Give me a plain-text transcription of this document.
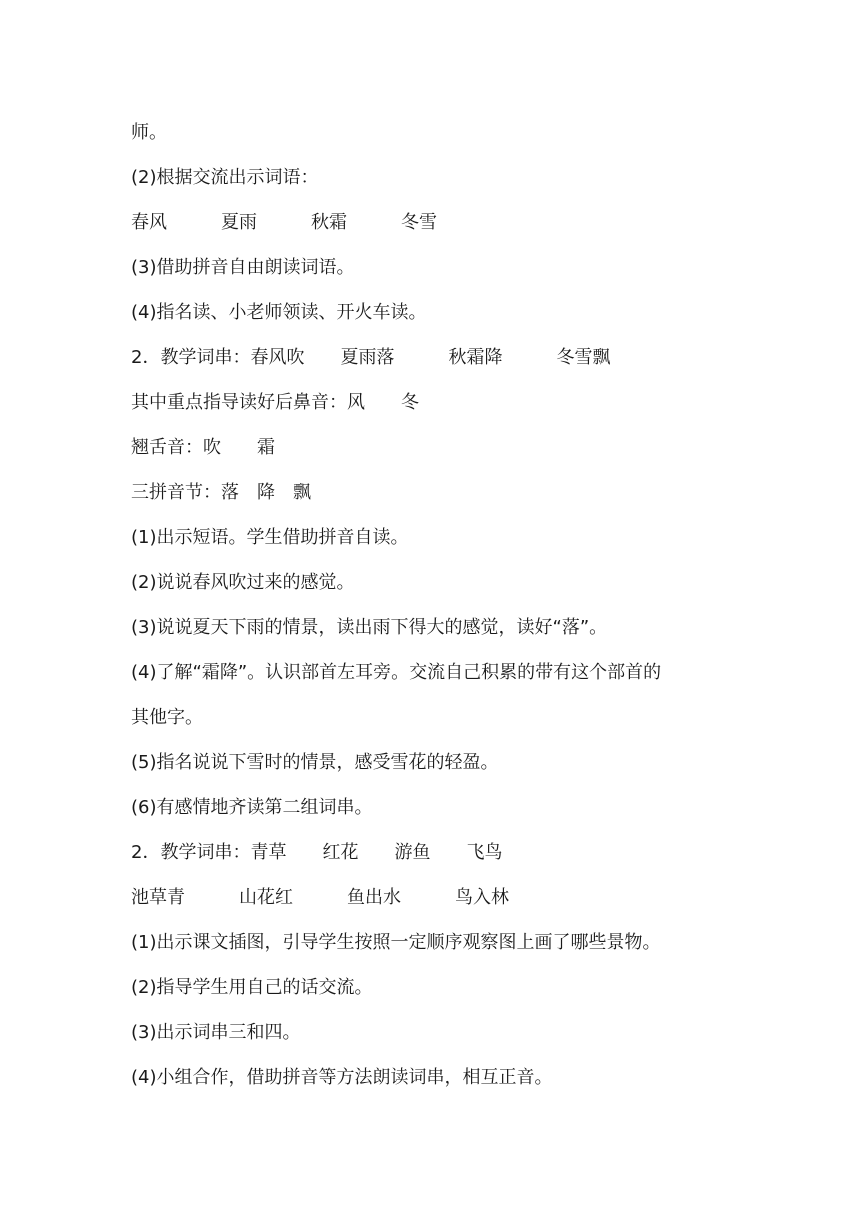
师。
(2)根据交流出示词语：
春风　　　夏雨　　　秋霜　　　冬雪
(3)借助拼音自由朗读词语。
(4)指名读、小老师领读、开火车读。
2．教学词串：春风吹　　夏雨落　　　秋霜降　　　冬雪飘
其中重点指导读好后鼻音：风　　冬
翘舌音：吹　　霜
三拼音节：落　降　飘
(1)出示短语。学生借助拼音自读。
(2)说说春风吹过来的感觉。
(3)说说夏天下雨的情景，读出雨下得大的感觉，读好“落”。
(4)了解“霜降”。认识部首左耳旁。交流自己积累的带有这个部首的
其他字。
(5)指名说说下雪时的情景，感受雪花的轻盈。
(6)有感情地齐读第二组词串。
2．教学词串：青草　　红花　　游鱼　　飞鸟
池草青　　　山花红　　　鱼出水　　　鸟入林
(1)出示课文插图，引导学生按照一定顺序观察图上画了哪些景物。
(2)指导学生用自己的话交流。
(3)出示词串三和四。
(4)小组合作，借助拼音等方法朗读词串，相互正音。
